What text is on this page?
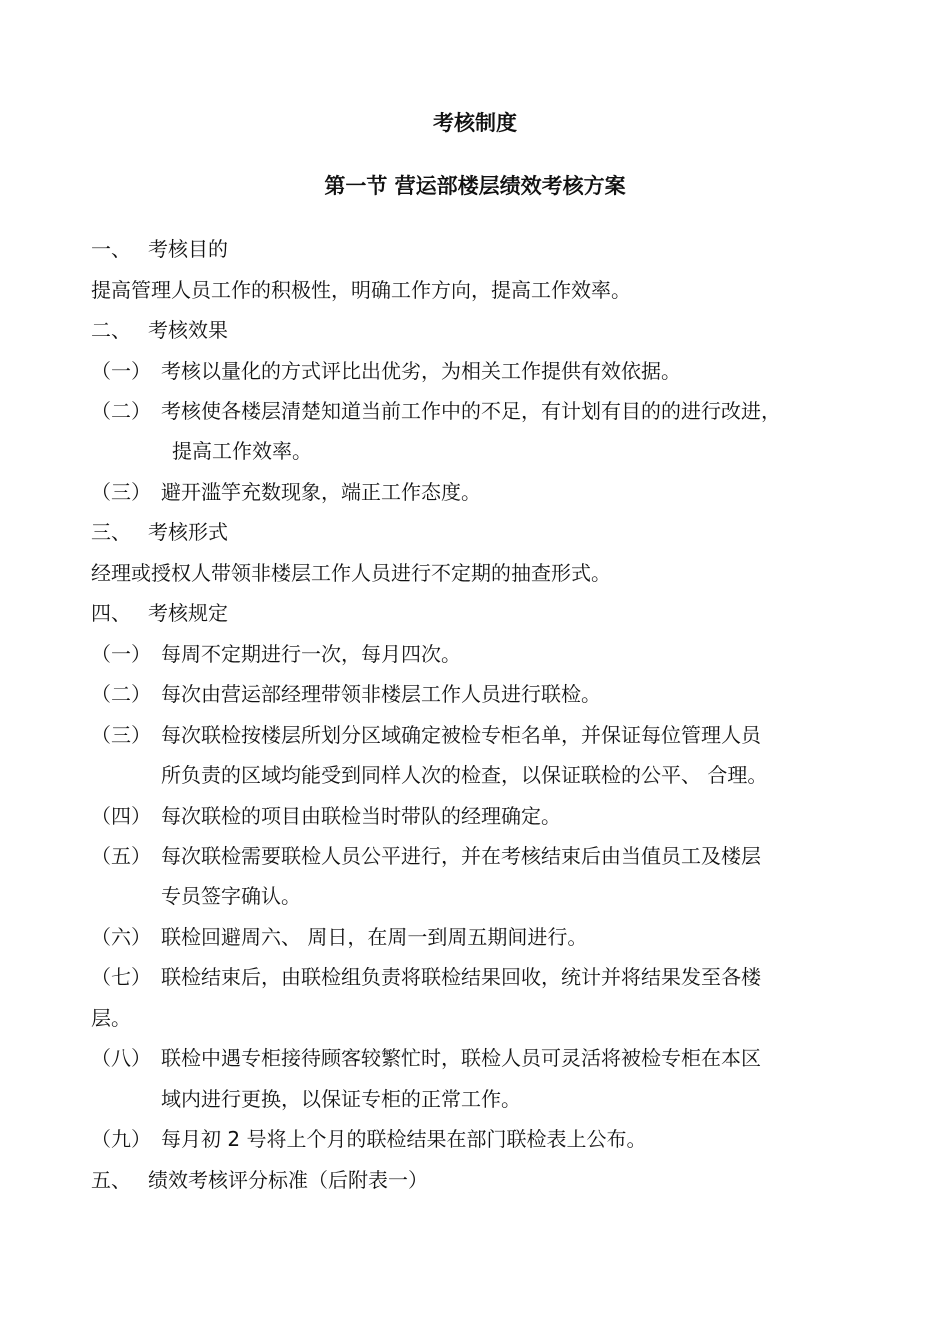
考核制度
第一节 营运部楼层绩效考核方案
一、 考核目的
提高管理人员工作的积极性，明确工作方向，提高工作效率。
二、 考核效果
（一） 考核以量化的方式评比出优劣，为相关工作提供有效依据。
（二） 考核使各楼层清楚知道当前工作中的不足，有计划有目的的进行改进，
提高工作效率。
（三） 避开滥竽充数现象，端正工作态度。
三、 考核形式
经理或授权人带领非楼层工作人员进行不定期的抽查形式。
四、 考核规定
（一） 每周不定期进行一次，每月四次。
（二） 每次由营运部经理带领非楼层工作人员进行联检。
（三） 每次联检按楼层所划分区域确定被检专柜名单，并保证每位管理人员
所负责的区域均能受到同样人次的检查，以保证联检的公平、 合理。
（四） 每次联检的项目由联检当时带队的经理确定。
（五） 每次联检需要联检人员公平进行，并在考核结束后由当值员工及楼层
专员签字确认。
（六） 联检回避周六、 周日，在周一到周五期间进行。
（七） 联检结束后，由联检组负责将联检结果回收，统计并将结果发至各楼
层。
（八） 联检中遇专柜接待顾客较繁忙时，联检人员可灵活将被检专柜在本区
域内进行更换，以保证专柜的正常工作。
（九） 每月初 2 号将上个月的联检结果在部门联检表上公布。
五、 绩效考核评分标准（后附表一）
